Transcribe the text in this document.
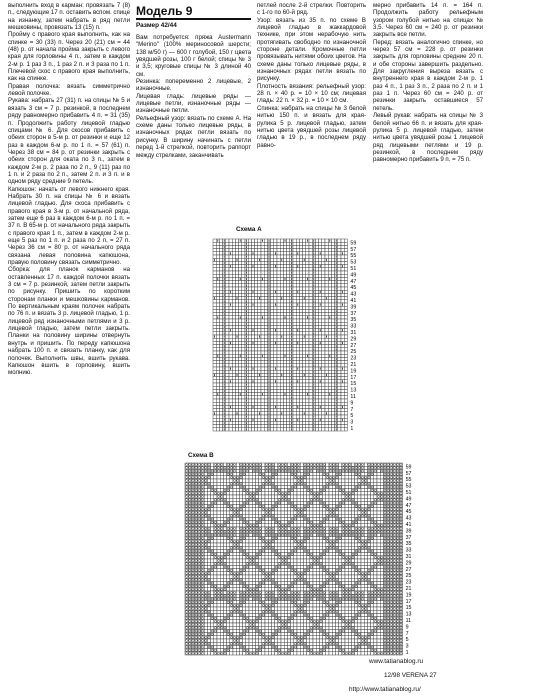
выполнить вход в карман: провязать 7 (8) п., следующие 17 п. оставить вспом. спице на изнанку, затем набрать в ряд петли мешковины, провязать 13 (15) п.

Пройму с правого края выполнить, как на спинке = 30 (33) п. Через 20 (21) см = 44 (48) р. от начала пройма закрыть с левого края для горловины 4 п., затем в каждом 2-м р. 1 раз 3 п., 1 раз 2 п. и 3 раза по 1 п. Плечевой скос с правого края выполнить, как на спинке.

Правая полочка: вязать симметрично левой полочке.

Рукава: набрать 27 (31) п. на спицы № 5 и вязать 3 см = 7 р. резинкой, в последнем ряду равномерно прибавить 4 п. = 31 (35) п. Продолжить работу лицевой гладью спицами № 6. Для скосов прибавить с обеих сторон в 5-м р. от резинки и еще 12 раз в каждом 6-м р. по 1 п. = 57 (61) п. Через 38 см = 84 р. от резинки закрыть с обеих сторон для оката по 3 п., затем в каждом 2-м р. 2 раза по 2 п., 9 (11) раз по 1 п. и 2 раза по 2 п., затем 2 п. и 3 п. и в одном ряду средние 9 петель.

Капюшон: начать от левого нижнего края. Набрать 30 п. на спицы № 6 и вязать лицевой гладью. Для скоса прибавить с правого края в 3-м р. от начальной ряда, затем еще 6 раз в каждом 6-м р. по 1 п. = 37 п. В 65-м р. от начального ряда закрыть с правого края 1 п., затем в каждом 2-м р. еще 5 раз по 1 п. и 2 раза по 2 п. = 27 п. Через 36 см = 80 р. от начального ряда связана левая половина капюшона, правую половину связать симметрично.

Сборка: для планок карманов на оставленных 17 п. каждой полочки вязать 3 см = 7 р. резинкой, затем петли закрыть по рисунку. Пришить по коротким сторонам планки и мешковины карманов. По вертикальным краям полочек набрать по 76 п. и вязать 3 р. лицевой гладью, 1 р. лицевой ряд изнаночными петлями и 3 р. лицевой гладью, затем петли закрыть. Планки на половину ширины отвернуть внутрь и пришить. По переду капюшона набрать 100 п. и связать планку, как для полочек. Выполнить швы, вшить рукава. Капюшон вшить в горловину, вшить молнию.

Модель 9
Размер 42/44

Вам потребуется: пряжа Austermann "Merino" (100% мериносовой шерсти; 138 м/50 г) — 600 г голубой, 150 г цвета увядшей розы, 100 г белой; спицы № 3 и 3,5; круговые спицы № 3 длиной 40 см.

Резинка: попеременно 2 лицевые, 2 изнаночные.

Лицевая гладь: лицевые ряды — лицевые петли, изнаночные ряды — изнаночные петли.

Рельефный узор: вязать по схеме А. На схеме даны только лицевые ряды, в изнаночных рядах петли вязать по рисунку. В ширину начинать с петли перед 1-й стрелкой, повторить раппорт между стрелками, заканчивать

петлей после 2-й стрелки. Повторить с 1-го по 60-й ряд.

Узор: вязать из 35 п. по схеме В лицевой гладью в жаккардовой технике, при этом нерабочую нить протягивать свободно по изнаночной стороне детали. Кромочные петли провязывать нитями обоих цветов. На схеме даны только лицевые ряды, в изнаночных рядах петли вязать по рисунку.

Плотность вязания: рельефный узор: 28 п. × 40 р. = 10 × 10 см; лицевая гладь: 22 п. × 32 р. = 10 × 10 см.

Спинка: набрать на спицы № 3 белой нитью 150 п. и вязать для края-рулика 5 р. лицевой гладью, затем нитью цвета увядшей розы лицевой гладью в 19 р., в последнем ряду равно-

мерно прибавить 14 п. = 164 п. Продолжить работу рельефным узором голубой нитью на спицах № 3,5. Через 60 см = 240 р. от резинки закрыть все петли.

Перед: вязать аналогично спинке, но через 57 см = 228 р. от резинки закрыть для горловины средние 20 п. и обе стороны завершить раздельно. Для закругления выреза вязать с внутреннего края в каждом 2-м р. 1 раз 4 п., 1 раз 3 п., 2 раза по 2 п. и 1 раз 1 п. Через 60 см = 240 р. от резинки закрыть оставшиеся 57 петель.

Левый рукав: набрать на спицы № 3 белой нитью 66 п. и вязать для края-рулика 5 р. лицевой гладью, затем нитью цвета увядшей розы 1 лицевой ряд лицевыми петлями и 19 р. резинкой, в последнем ряду равномерно прибавить 9 п. = 75 п.

Схема А
59
57
55
53
51
49
47
45
43
41
39
37
35
33
31
29
27
25
23
21
19
17
15
13
11
9
7
5
3
1
Схема B
59
57
55
53
51
49
47
45
43
41
39
37
35
33
31
29
27
25
23
21
19
17
15
13
11
9
7
5
3
1
12/98 VERENA 27
www.tatianablog.ru
http://www.tatianablog.ru/
